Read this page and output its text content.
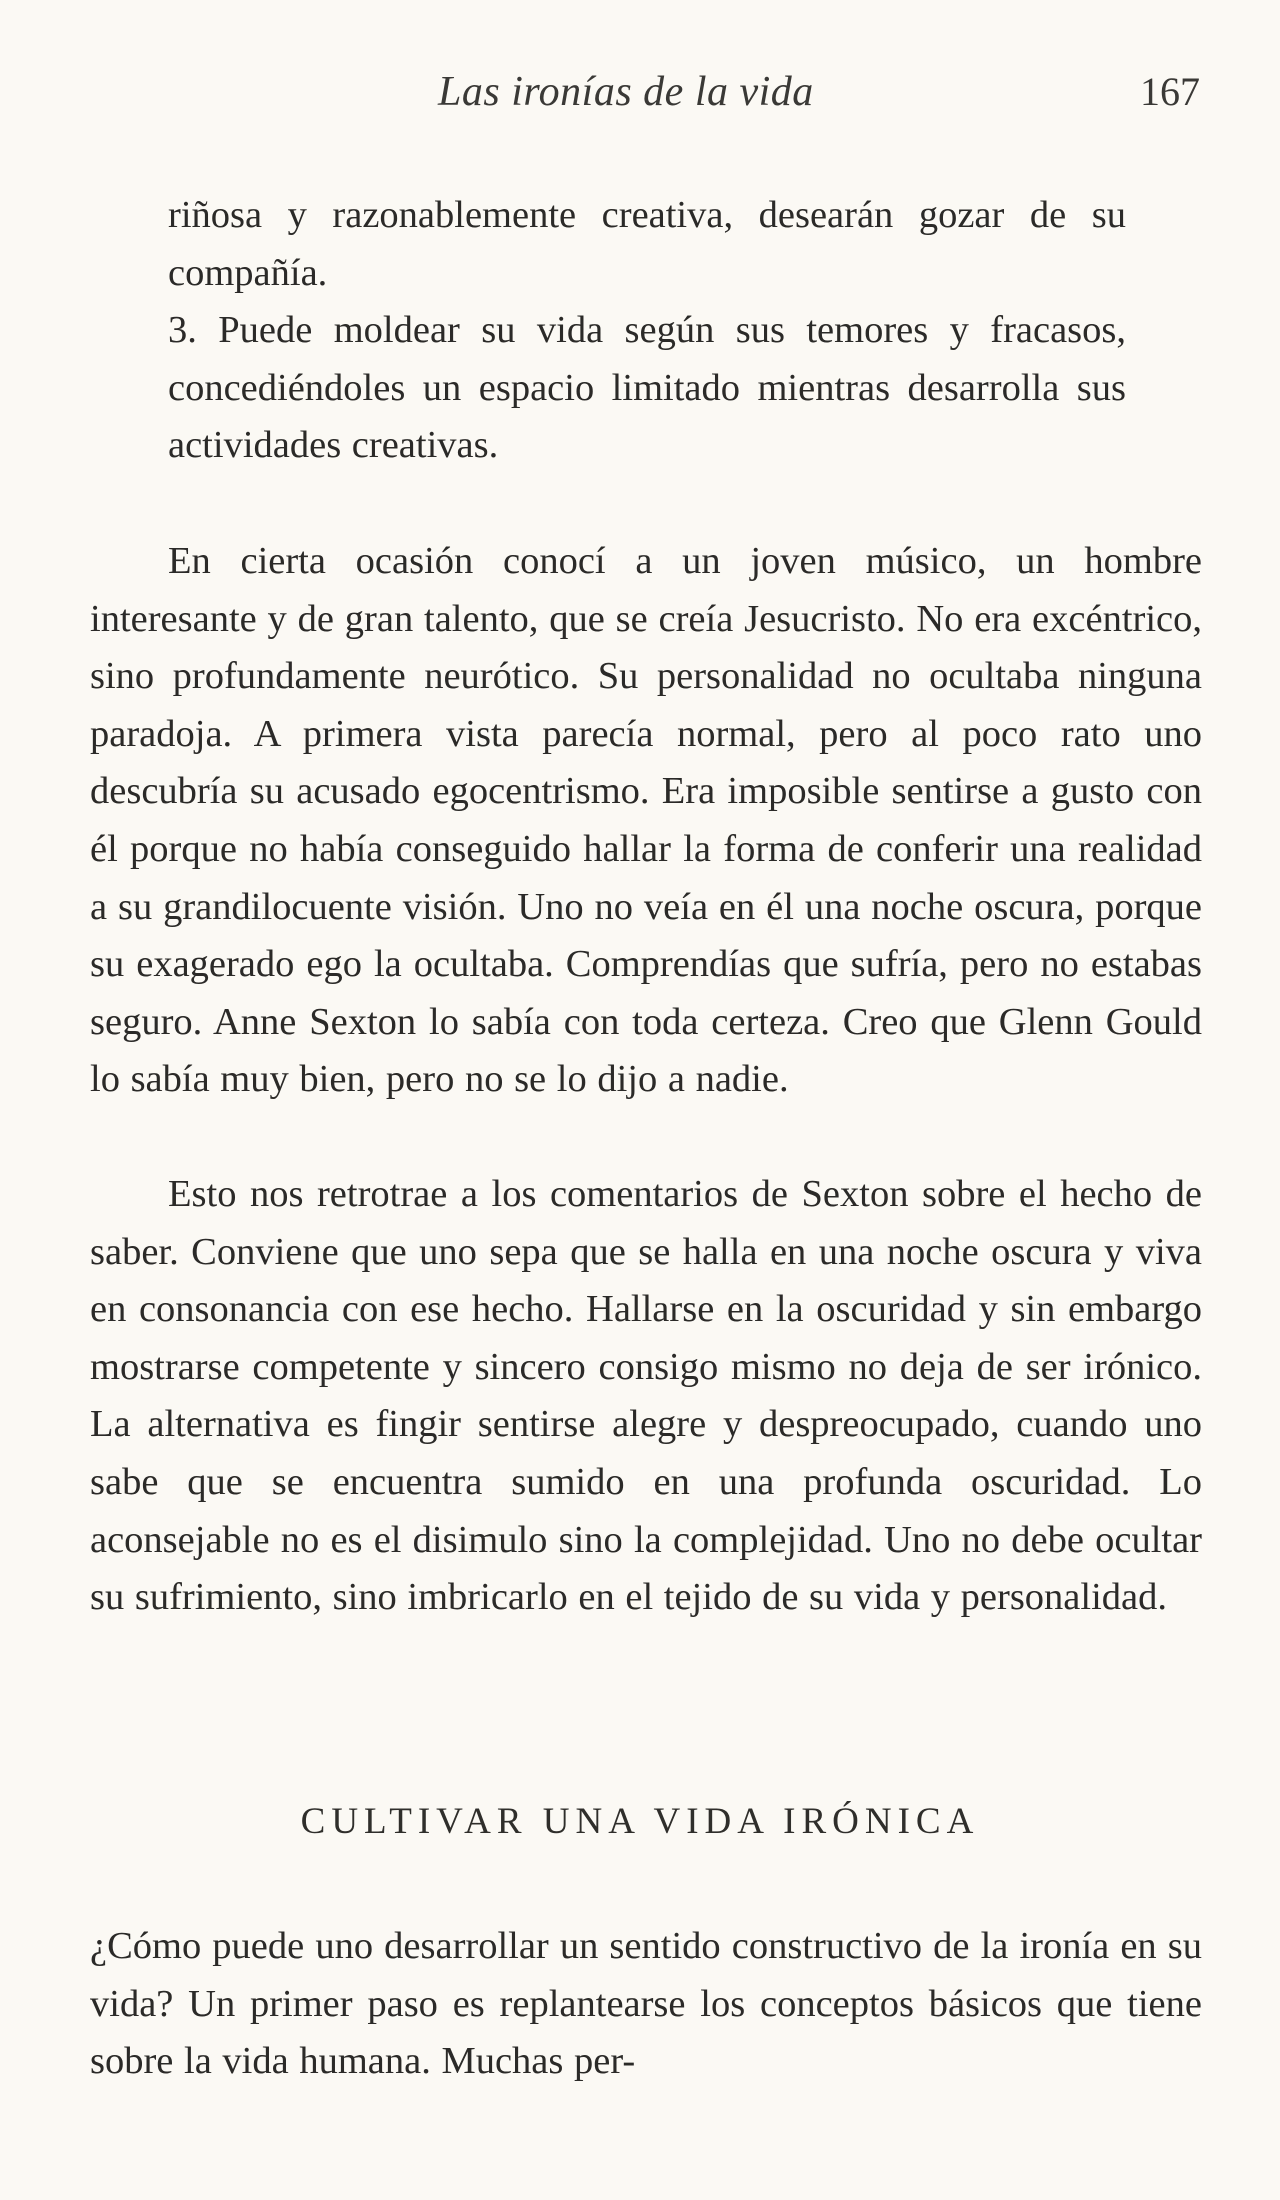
Las ironías de la vida	167

riñosa y razonablemente creativa, desearán gozar de su compañía.

3. Puede moldear su vida según sus temores y fracasos, concediéndoles un espacio limitado mientras desarrolla sus actividades creativas.

En cierta ocasión conocí a un joven músico, un hombre interesante y de gran talento, que se creía Jesucristo. No era excéntrico, sino profundamente neurótico. Su personalidad no ocultaba ninguna paradoja. A primera vista parecía normal, pero al poco rato uno descubría su acusado egocentrismo. Era imposible sentirse a gusto con él porque no había conseguido hallar la forma de conferir una realidad a su grandilocuente visión. Uno no veía en él una noche oscura, porque su exagerado ego la ocultaba. Comprendías que sufría, pero no estabas seguro. Anne Sexton lo sabía con toda certeza. Creo que Glenn Gould lo sabía muy bien, pero no se lo dijo a nadie.

Esto nos retrotrae a los comentarios de Sexton sobre el hecho de saber. Conviene que uno sepa que se halla en una noche oscura y viva en consonancia con ese hecho. Hallarse en la oscuridad y sin embargo mostrarse competente y sincero consigo mismo no deja de ser irónico. La alternativa es fingir sentirse alegre y despreocupado, cuando uno sabe que se encuentra sumido en una profunda oscuridad. Lo aconsejable no es el disimulo sino la complejidad. Uno no debe ocultar su sufrimiento, sino imbricarlo en el tejido de su vida y personalidad.

CULTIVAR UNA VIDA IRÓNICA

¿Cómo puede uno desarrollar un sentido constructivo de la ironía en su vida? Un primer paso es replantearse los conceptos básicos que tiene sobre la vida humana. Muchas per-
